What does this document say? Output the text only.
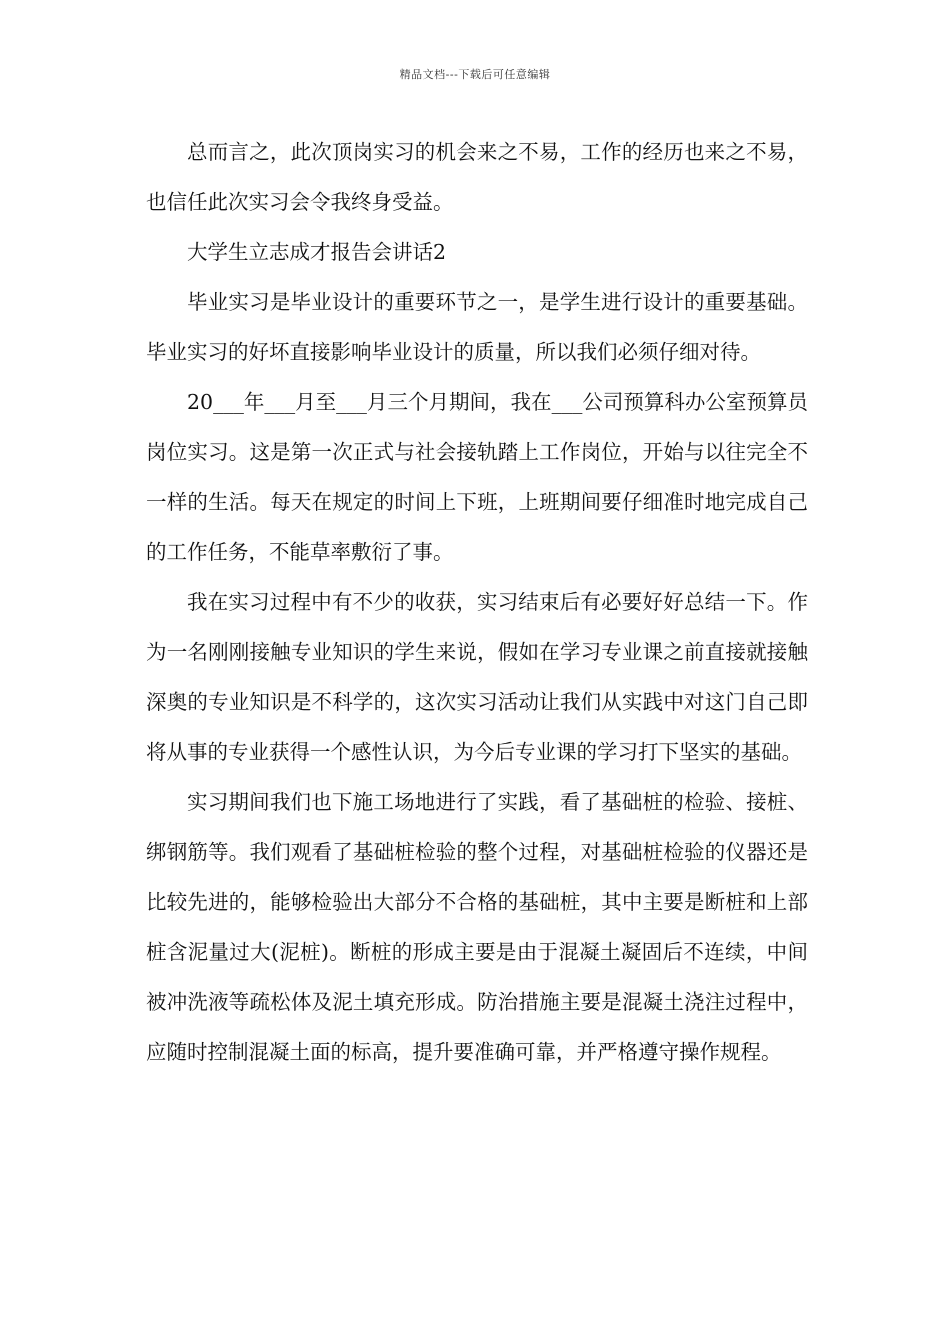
精品文档---下载后可任意编辑

总而言之，此次顶岗实习的机会来之不易，工作的经历也来之不易，也信任此次实习会令我终身受益。

大学生立志成才报告会讲话2

毕业实习是毕业设计的重要环节之一，是学生进行设计的重要基础。毕业实习的好坏直接影响毕业设计的质量，所以我们必须仔细对待。

20___年___月至___月三个月期间，我在___公司预算科办公室预算员岗位实习。这是第一次正式与社会接轨踏上工作岗位，开始与以往完全不一样的生活。每天在规定的时间上下班，上班期间要仔细准时地完成自己的工作任务，不能草率敷衍了事。

我在实习过程中有不少的收获，实习结束后有必要好好总结一下。作为一名刚刚接触专业知识的学生来说，假如在学习专业课之前直接就接触深奥的专业知识是不科学的，这次实习活动让我们从实践中对这门自己即将从事的专业获得一个感性认识，为今后专业课的学习打下坚实的基础。

实习期间我们也下施工场地进行了实践，看了基础桩的检验、接桩、绑钢筋等。我们观看了基础桩检验的整个过程，对基础桩检验的仪器还是比较先进的，能够检验出大部分不合格的基础桩，其中主要是断桩和上部桩含泥量过大(泥桩)。断桩的形成主要是由于混凝土凝固后不连续，中间被冲洗液等疏松体及泥土填充形成。防治措施主要是混凝土浇注过程中，应随时控制混凝土面的标高，提升要准确可靠，并严格遵守操作规程。
